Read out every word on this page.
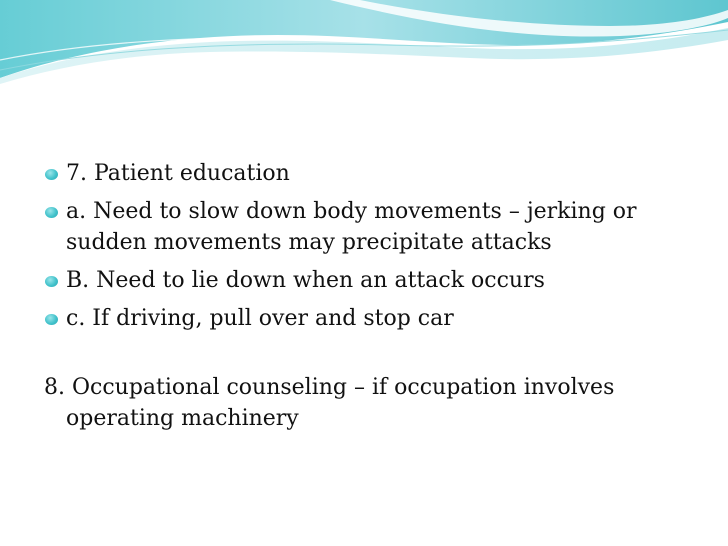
7. Patient education
a. Need to slow down body movements – jerking or sudden movements may precipitate attacks
B. Need to lie down when an attack occurs
c. If driving, pull over and stop car
8. Occupational counseling – if occupation involves operating machinery
